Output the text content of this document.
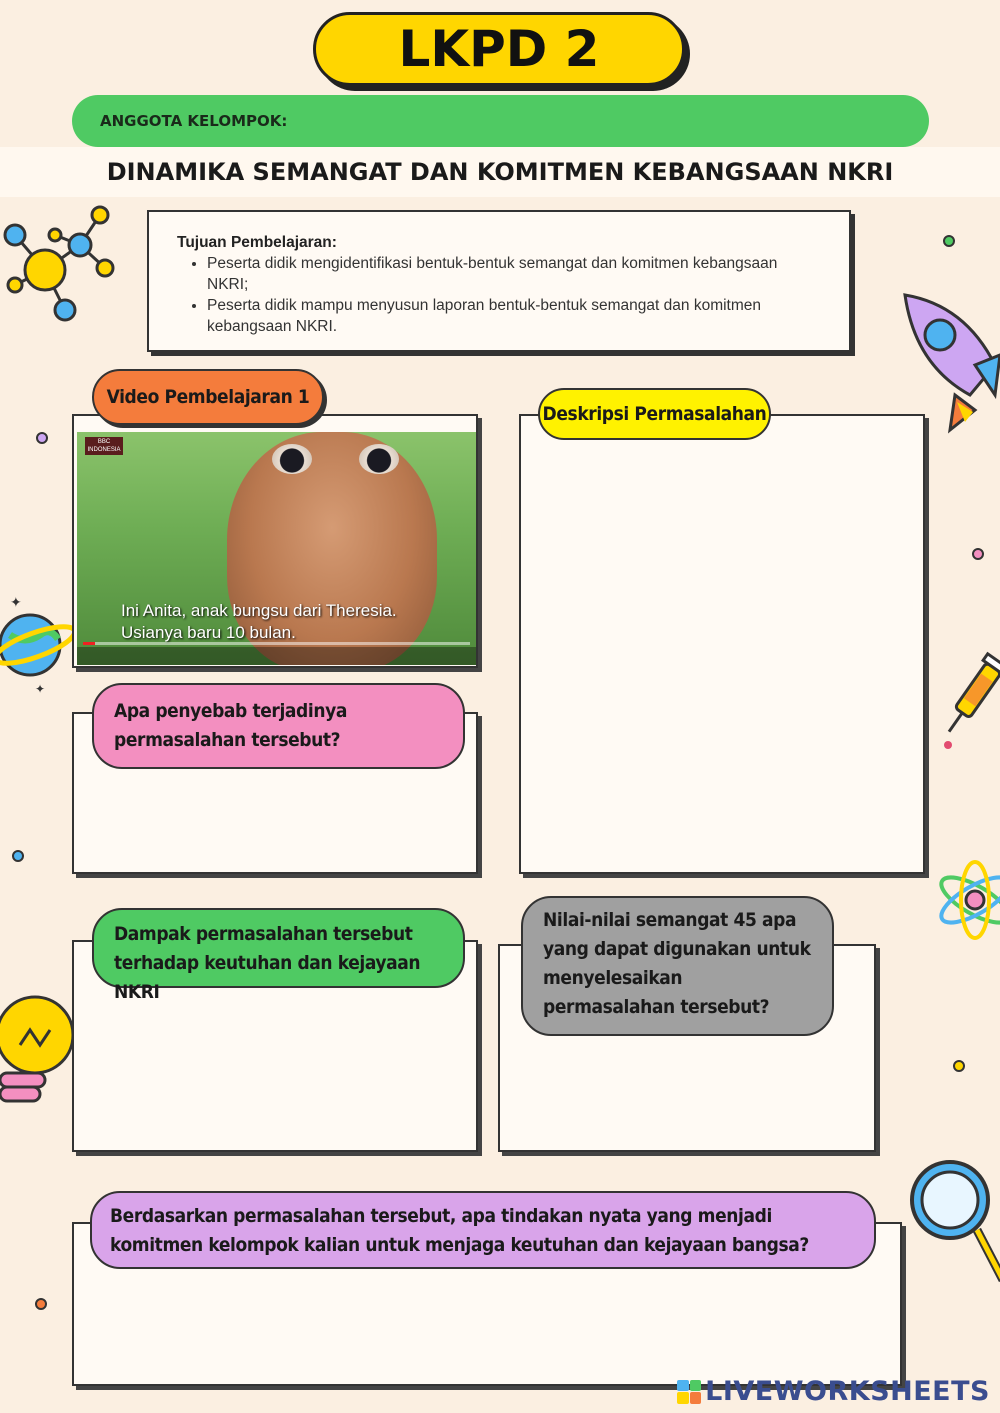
✦
✦
LKPD 2
ANGGOTA KELOMPOK:
DINAMIKA SEMANGAT DAN KOMITMEN KEBANGSAAN NKRI
Tujuan Pembelajaran:
• Peserta didik mengidentifikasi bentuk-bentuk semangat dan komitmen kebangsaan NKRI;
• Peserta didik mampu menyusun laporan bentuk-bentuk semangat dan komitmen kebangsaan NKRI.
BBC INDONESIA
Ini Anita, anak bungsu dari Theresia.
Usianya baru 10 bulan.
Video Pembelajaran 1
Deskripsi Permasalahan
Apa penyebab terjadinya permasalahan tersebut?
Dampak permasalahan tersebut terhadap keutuhan dan kejayaan NKRI
Nilai-nilai semangat 45 apa yang dapat digunakan untuk menyelesaikan permasalahan tersebut?
Berdasarkan permasalahan tersebut, apa tindakan nyata yang menjadi komitmen kelompok kalian untuk menjaga keutuhan dan kejayaan bangsa?
LIVEWORKSHEETS
